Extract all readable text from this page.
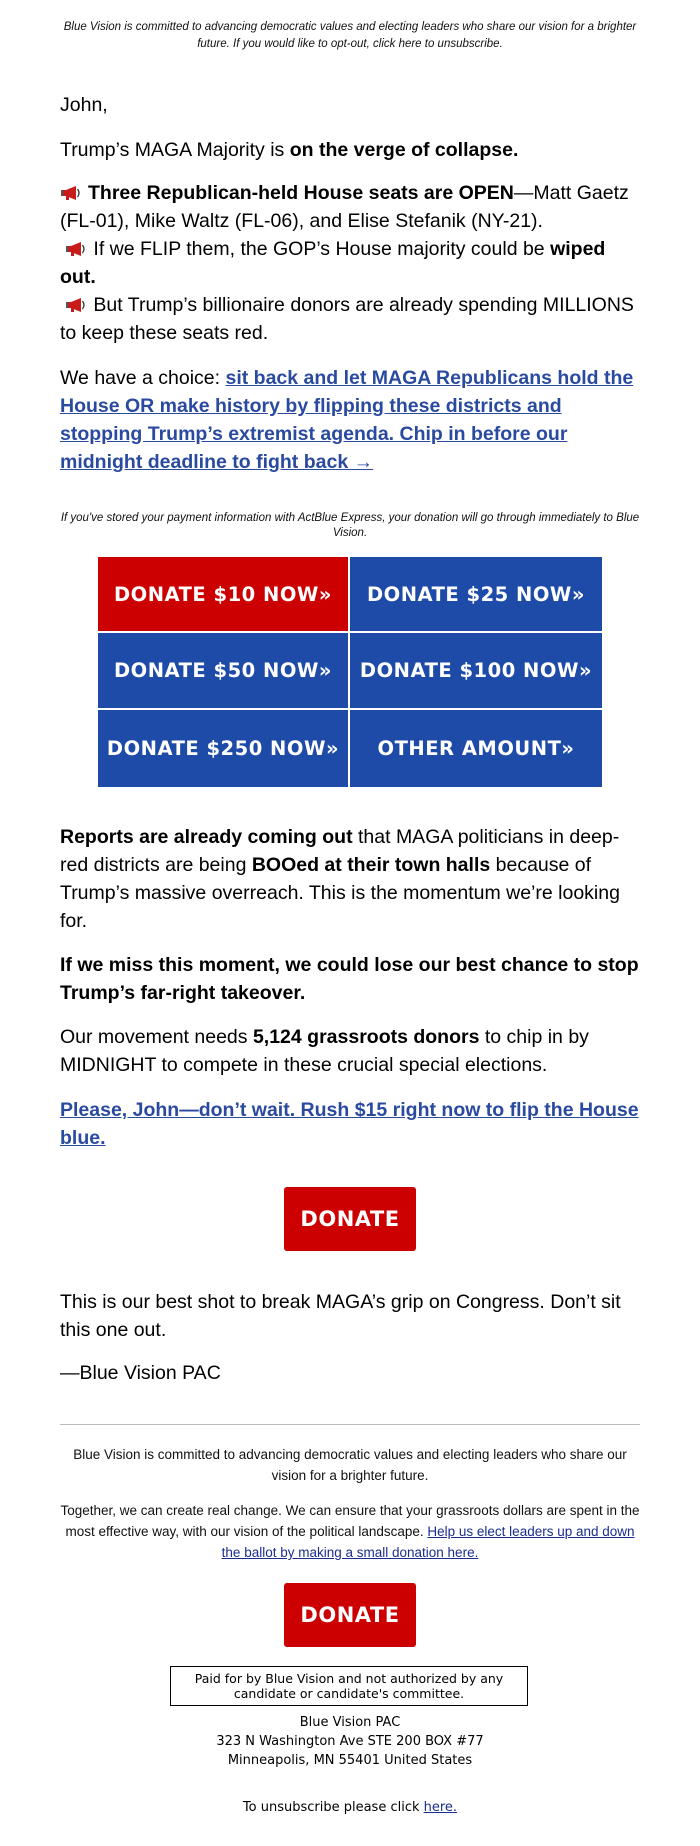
Blue Vision is committed to advancing democratic values and electing leaders who share our vision for a brighter future. If you would like to opt-out, click here to unsubscribe.

John,

Trump’s MAGA Majority is on the verge of collapse.

Three Republican-held House seats are OPEN—Matt Gaetz (FL-01), Mike Waltz (FL-06), and Elise Stefanik (NY-21).
If we FLIP them, the GOP’s House majority could be wiped out.
But Trump’s billionaire donors are already spending MILLIONS to keep these seats red.

We have a choice: sit back and let MAGA Republicans hold the House OR make history by flipping these districts and stopping Trump’s extremist agenda. Chip in before our midnight deadline to fight back →

If you've stored your payment information with ActBlue Express, your donation will go through immediately to Blue Vision.
DONATE $10 NOW»	DONATE $25 NOW»
DONATE $50 NOW»	DONATE $100 NOW»
DONATE $250 NOW»	OTHER AMOUNT»

Reports are already coming out that MAGA politicians in deep-red districts are being BOOed at their town halls because of Trump’s massive overreach. This is the momentum we’re looking for.

If we miss this moment, we could lose our best chance to stop Trump’s far-right takeover.

Our movement needs 5,124 grassroots donors to chip in by MIDNIGHT to compete in these crucial special elections.

Please, John—don’t wait. Rush $15 right now to flip the House blue.

DONATE

This is our best shot to break MAGA’s grip on Congress. Don’t sit this one out.

—Blue Vision PAC

Blue Vision is committed to advancing democratic values and electing leaders who share our vision for a brighter future.
Together, we can create real change. We can ensure that your grassroots dollars are spent in the most effective way, with our vision of the political landscape. Help us elect leaders up and down the ballot by making a small donation here.
DONATE
Paid for by Blue Vision and not authorized by any candidate or candidate's committee.
Blue Vision PAC
323 N Washington Ave STE 200 BOX #77
Minneapolis, MN 55401 United States
To unsubscribe please click here.
